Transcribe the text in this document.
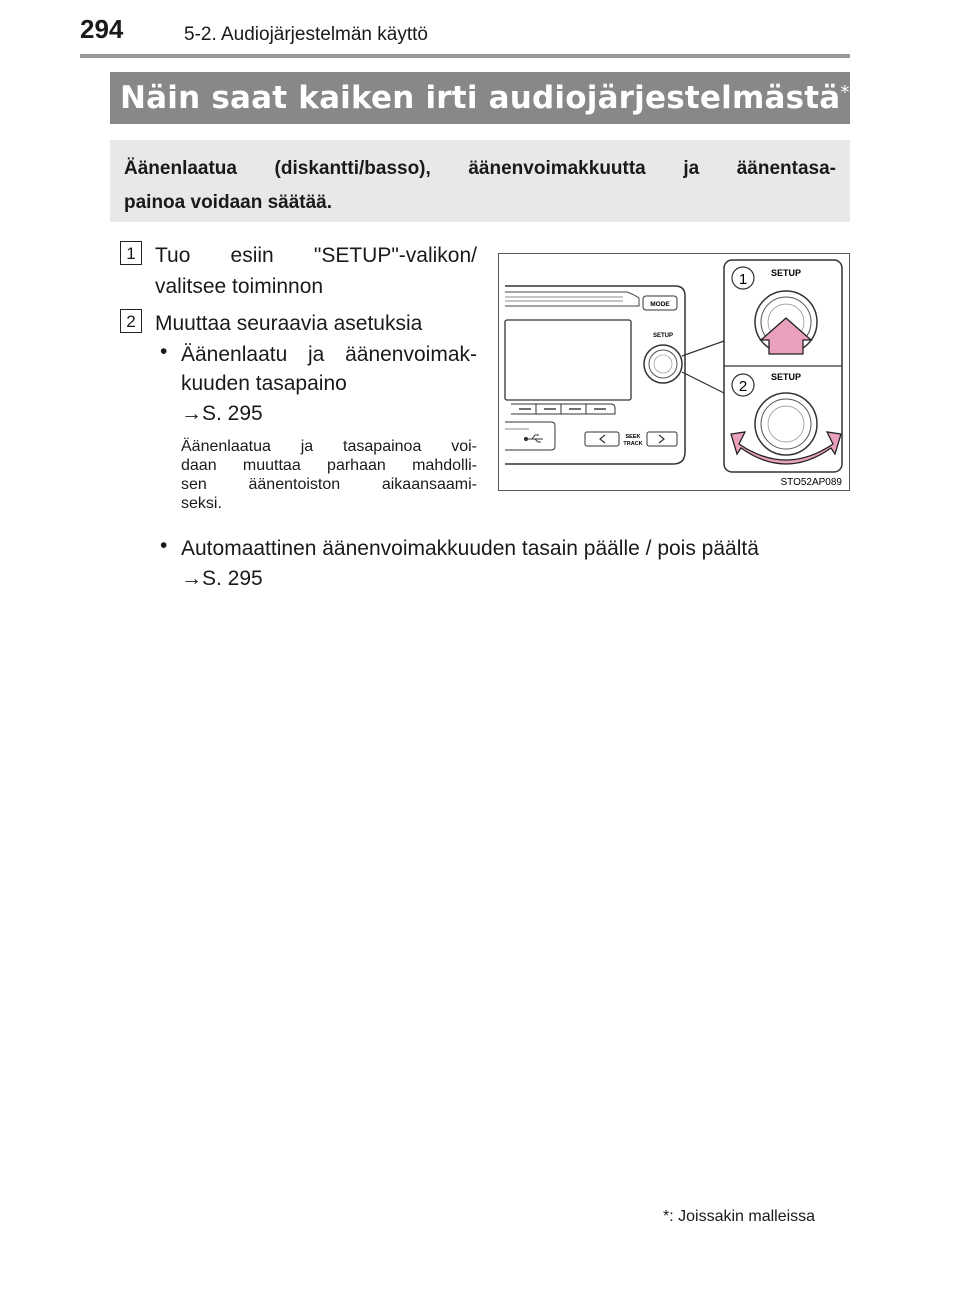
294	5-2. Audiojärjestelmän käyttö
Näin saat kaiken irti audiojärjestelmästä*
Äänenlaatua (diskantti/basso), äänenvoimakkuutta ja äänentasa-
painoa voidaan säätää.
1 Tuo esiin "SETUP"-valikon/
valitsee toiminnon
2 Muuttaa seuraavia asetuksia
• Äänenlaatu ja äänenvoimak-
kuuden tasapaino
→S. 295
Äänenlaatua ja tasapainoa voi-
daan muuttaa parhaan mahdolli-
sen äänentoiston aikaansaami-
seksi.
• Automaattinen äänenvoimakkuuden tasain päälle / pois päältä
→S. 295
MODE
SETUP
SEEK
TRACK
1	SETUP
2
SETUP
STO52AP089
*: Joissakin malleissa
